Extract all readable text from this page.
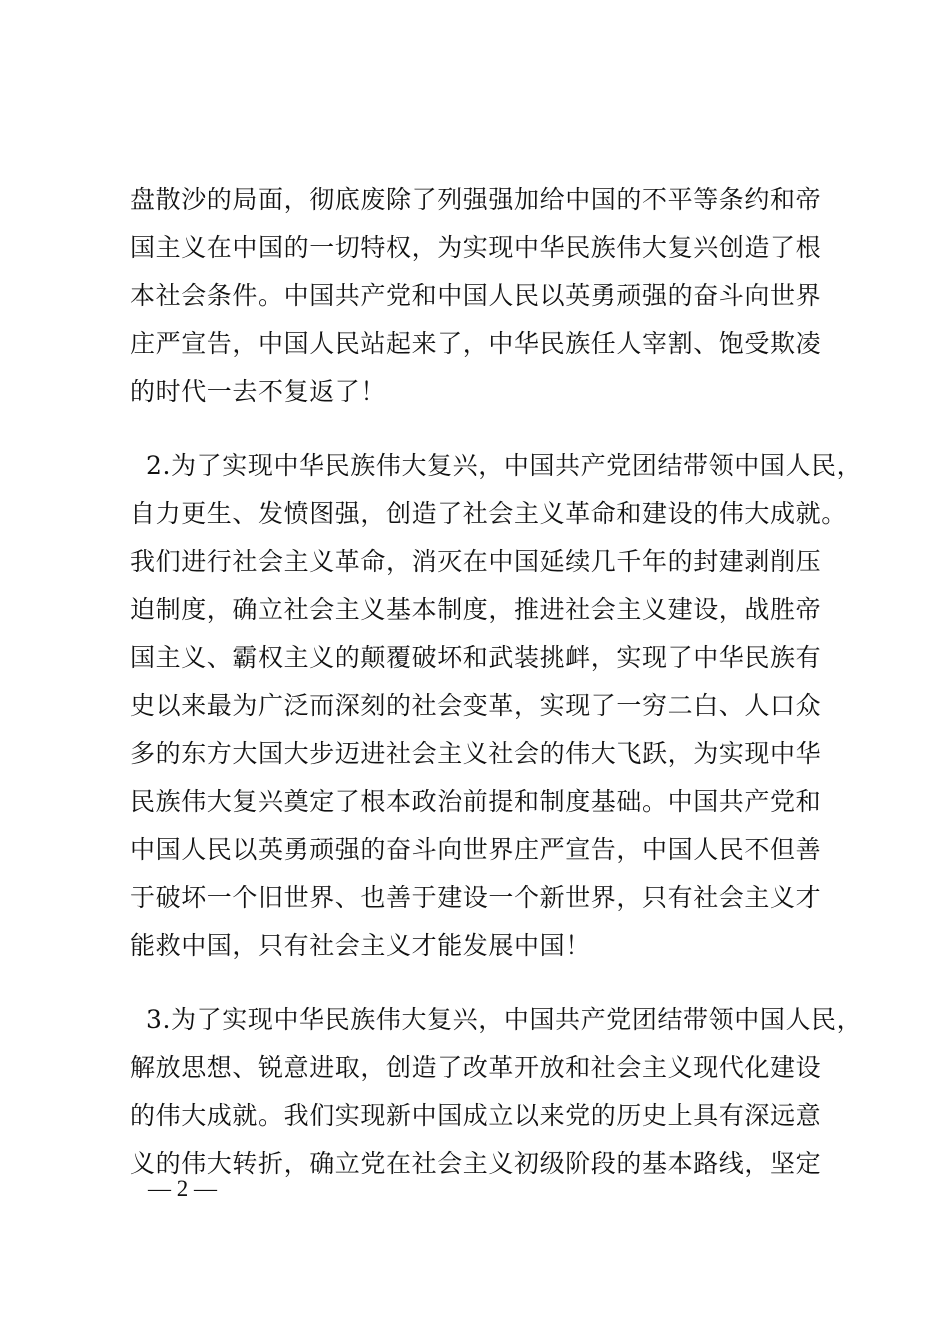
盘散沙的局面，彻底废除了列强强加给中国的不平等条约和帝
国主义在中国的一切特权，为实现中华民族伟大复兴创造了根
本社会条件。中国共产党和中国人民以英勇顽强的奋斗向世界
庄严宣告，中国人民站起来了，中华民族任人宰割、饱受欺凌
的时代一去不复返了！
2.为了实现中华民族伟大复兴，中国共产党团结带领中国人民，
自力更生、发愤图强，创造了社会主义革命和建设的伟大成就。
我们进行社会主义革命，消灭在中国延续几千年的封建剥削压
迫制度，确立社会主义基本制度，推进社会主义建设，战胜帝
国主义、霸权主义的颠覆破坏和武装挑衅，实现了中华民族有
史以来最为广泛而深刻的社会变革，实现了一穷二白、人口众
多的东方大国大步迈进社会主义社会的伟大飞跃，为实现中华
民族伟大复兴奠定了根本政治前提和制度基础。中国共产党和
中国人民以英勇顽强的奋斗向世界庄严宣告，中国人民不但善
于破坏一个旧世界、也善于建设一个新世界，只有社会主义才
能救中国，只有社会主义才能发展中国！
3.为了实现中华民族伟大复兴，中国共产党团结带领中国人民，
解放思想、锐意进取，创造了改革开放和社会主义现代化建设
的伟大成就。我们实现新中国成立以来党的历史上具有深远意
义的伟大转折，确立党在社会主义初级阶段的基本路线，坚定
— 2 —
